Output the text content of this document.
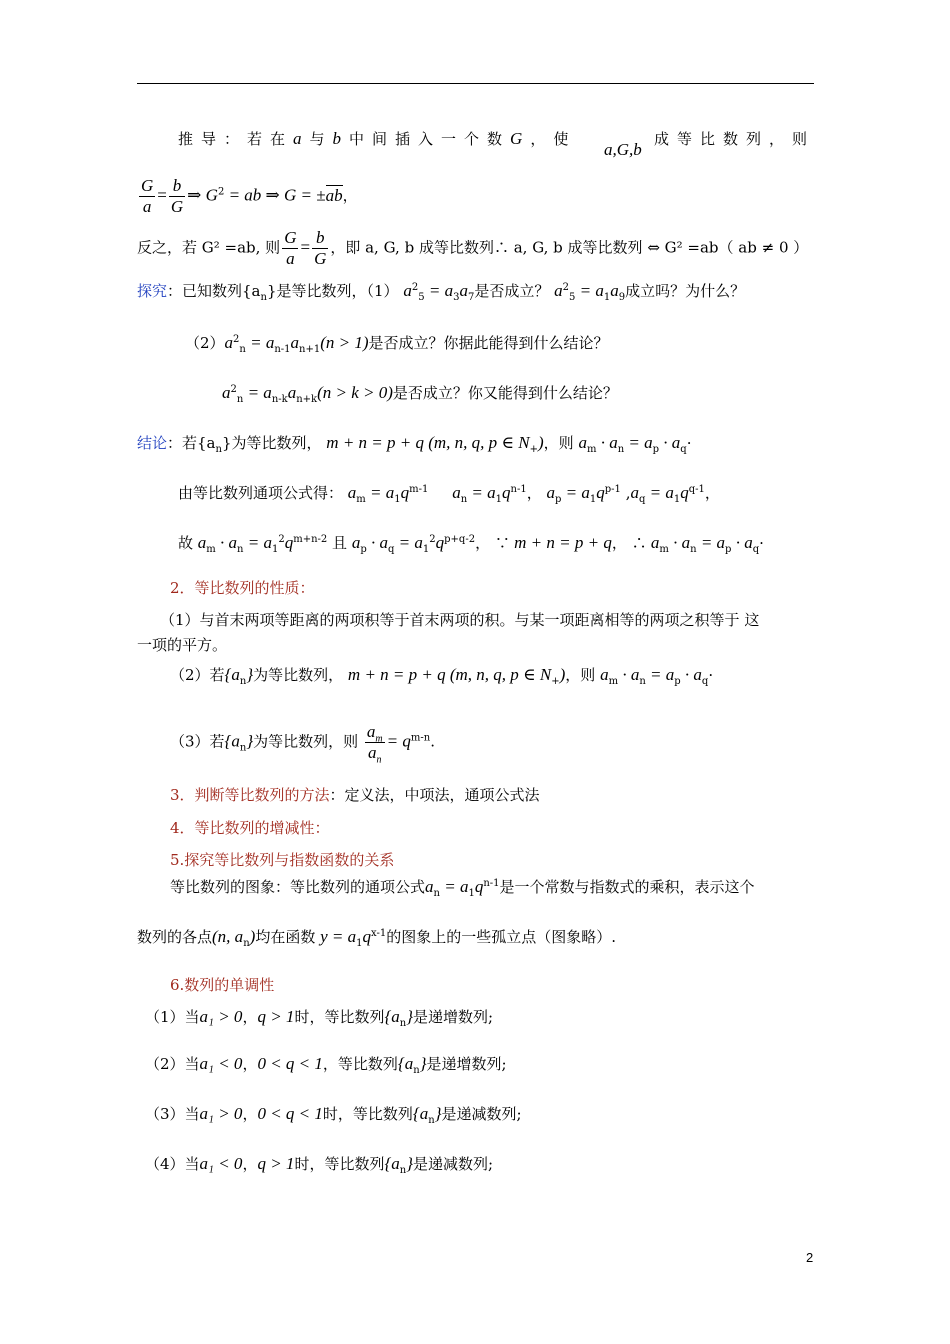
推导：若在a与b中间插入一个数G，使
a,G,b
成等比数列，则
$\frac{G}{a} = \frac{b}{G}$ ⇒ $G^2$ = ab ⇒ G = ±ab，
反之，若 G² =ab, 则 $\frac{G}{a} = \frac{b}{G}$ ，即 a, G, b 成等比数列∴ a, G, b 成等比数列 ⇔ G² =ab（ ab ≠ 0 ）
探究：已知数列$\{a_n\}$是等比数列，（1） $a^2_5 = a_3a_7$是否成立？ $a^2_5 = a_1a_9$成立吗？为什么？
$(2)a^2_n = a_{n-1}a_{n+1}(n > 1)$是否成立？你据此能得到什么结论？
$a^2_n = a_{n-k}a_{n+k}(n > k > 0)$是否成立？你又能得到什么结论？
结论：若$\{a_n\}$为等比数列， m + n = p + q (m, n, q, p ∈ $N_+$)，则 $a_m \cdot a_n = a_p \cdot a_q\cdot$
由等比数列通项公式得： $a_m = a_1q^{m-1}$ $a_n = a_1q^{n-1}$， $a_p = a_1q^{p-1}$ $,a_q = a_1q^{q-1}$，
故 $a_m \cdot a_n = a_1^2q^{m+n-2}$ 且 $a_p \cdot a_q = a_1^2q^{p+q-2}$， ∵ m + n = p + q， ∴ $a_m \cdot a_n = a_p \cdot a_q\cdot$
2．等比数列的性质：
（1）与首末两项等距离的两项积等于首末两项的积。与某一项距离相等的两项之积等于 这
一项的平方。
（2）若$\{a_n\}$为等比数列， m + n = p + q (m, n, q, p ∈ $N_+$)，则 $a_m \cdot a_n = a_p \cdot a_q\cdot$
（3）若$\{a_n\}$为等比数列，则 $\frac{a_m}{a_n} = q^{m-n}$.
3．判断等比数列的方法：定义法，中项法，通项公式法
4．等比数列的增减性：
5.探究等比数列与指数函数的关系
等比数列的图象：等比数列的通项公式$a_n = a_1q^{n-1}$是一个常数与指数式的乘积，表示这个
数列的各点(n, $a_n$)均在函数 $y = a_1q^{x-1}$的图象上的一些孤立点（图象略）.
6.数列的单调性
（1）当a₁ > 0，q > 1时，等比数列$\{a_n\}$是递增数列;
（2）当a₁ < 0，0 < q < 1，等比数列$\{a_n\}$是递增数列;
（3）当a₁ > 0，0 < q < 1时，等比数列$\{a_n\}$是递减数列;
（4）当a₁ < 0，q > 1时，等比数列$\{a_n\}$是递减数列;
2
